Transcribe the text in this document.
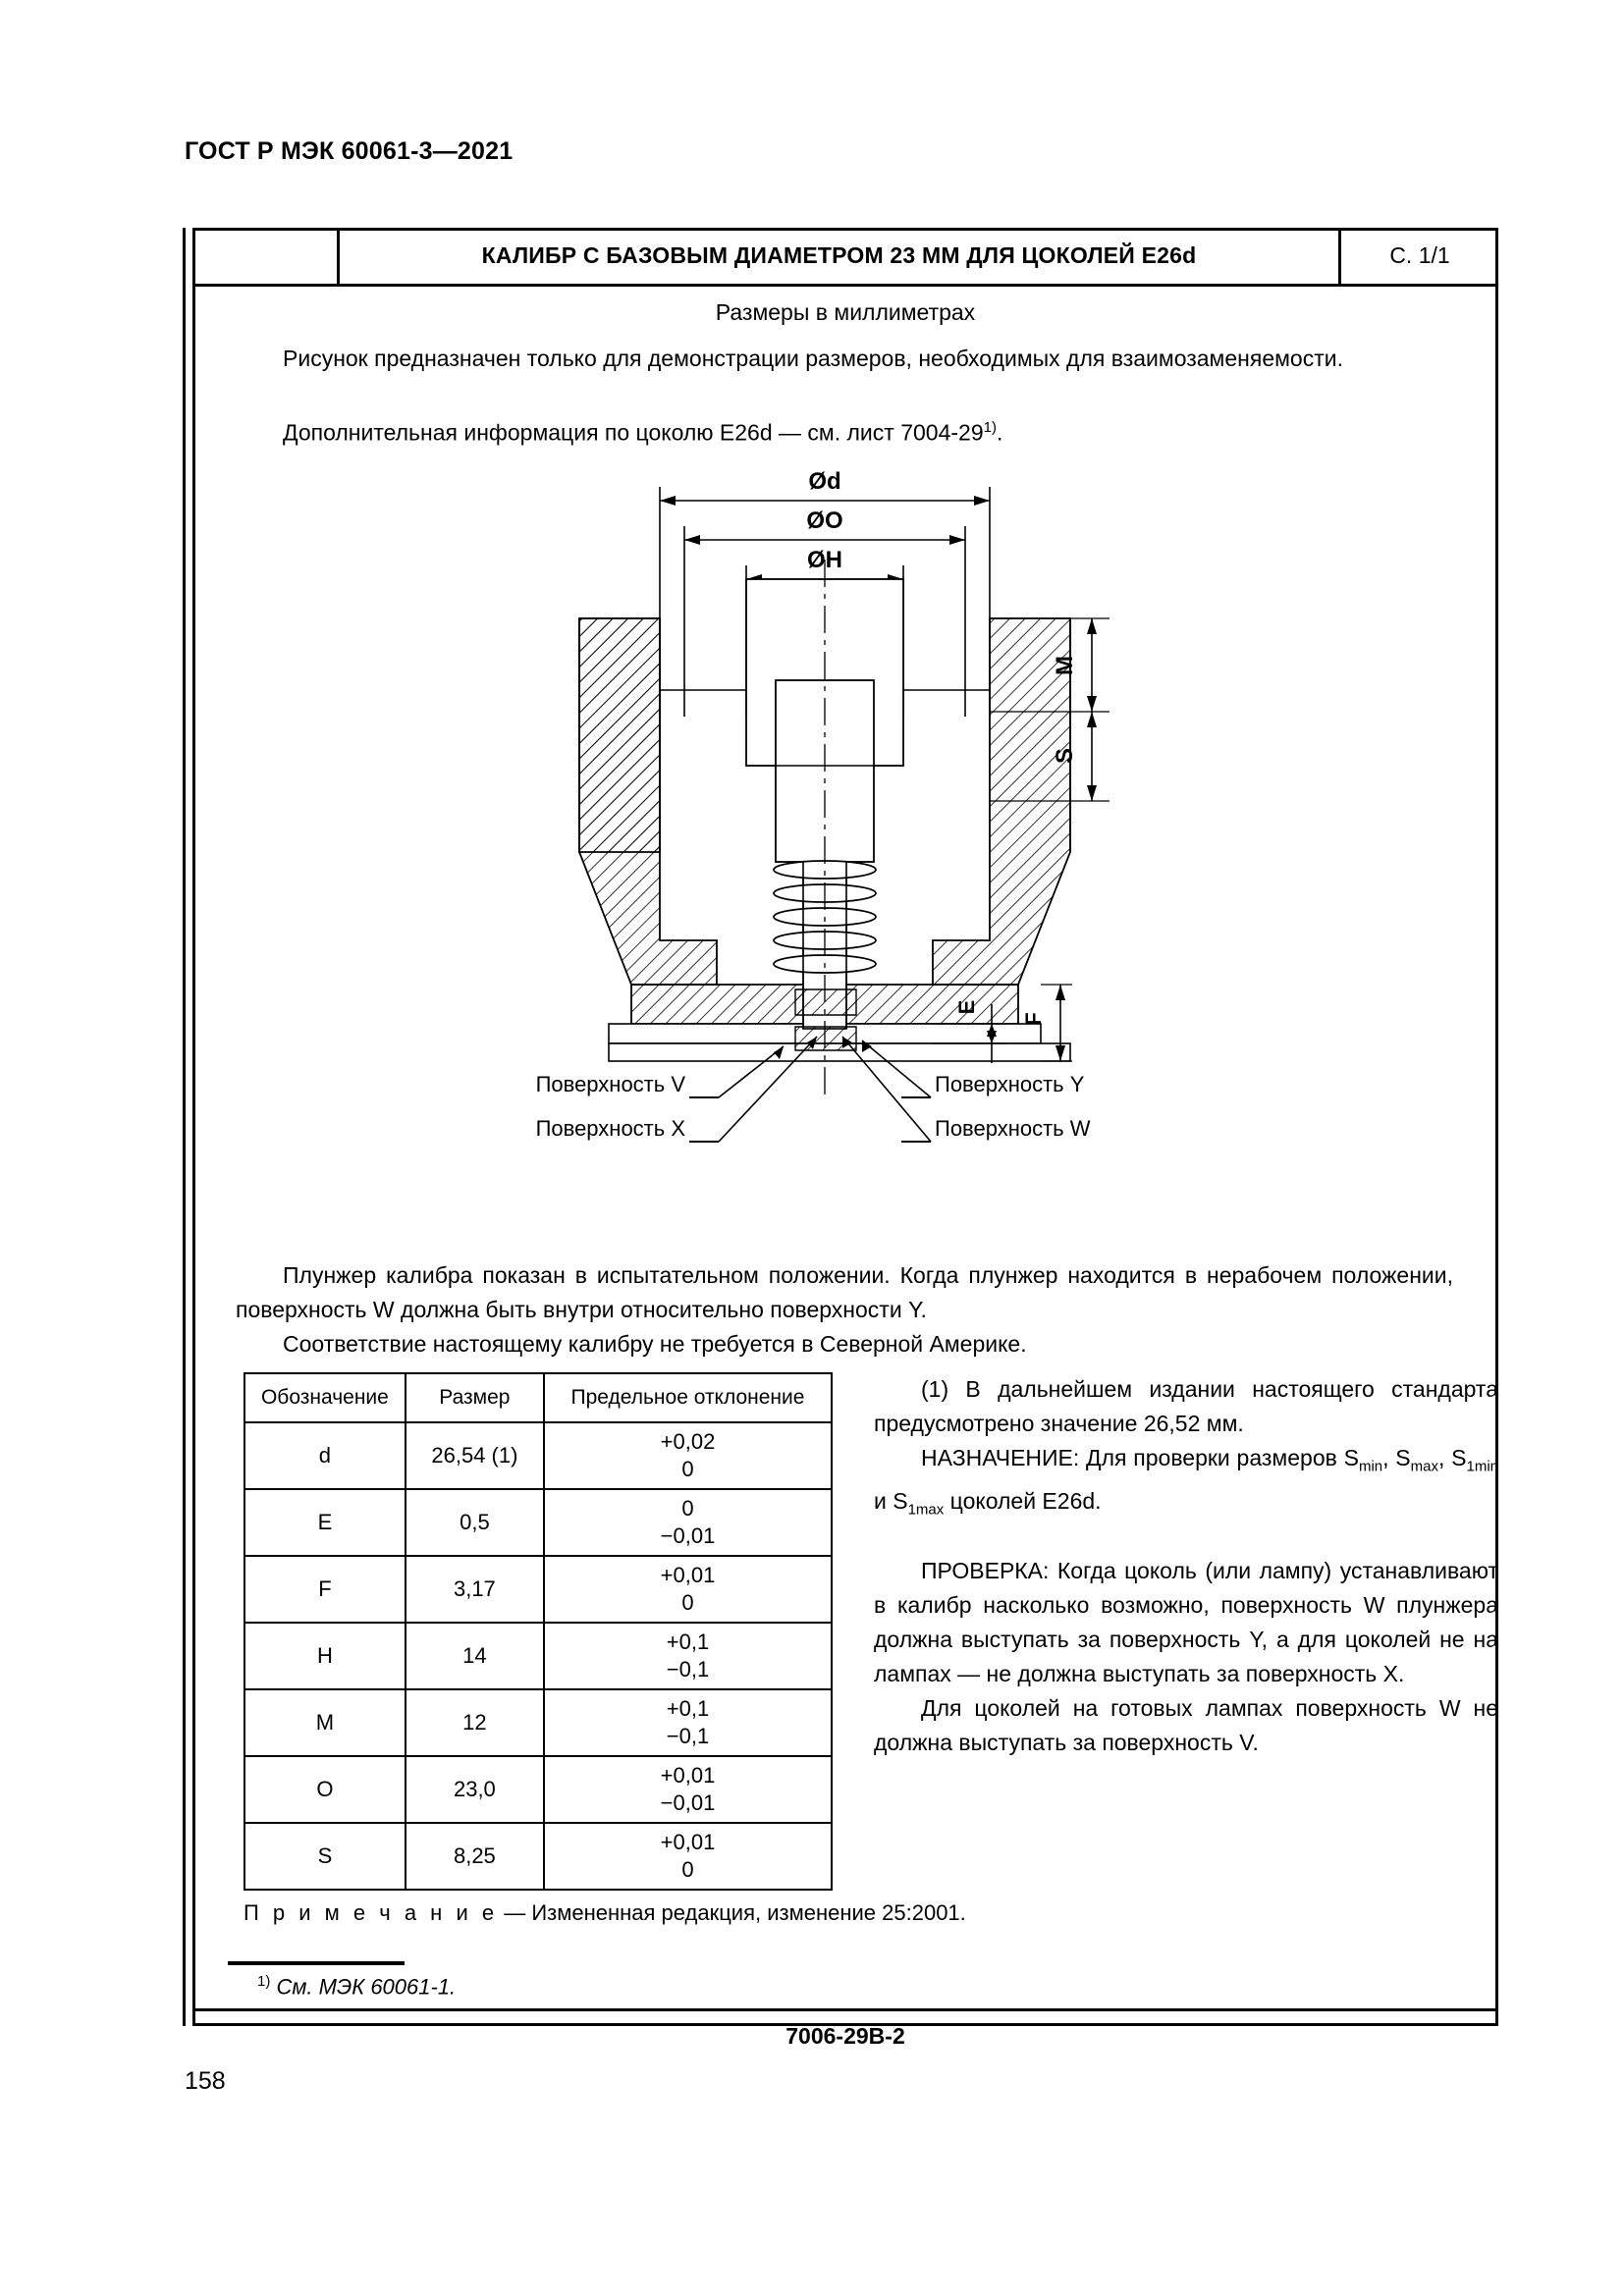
ГОСТ Р МЭК 60061-3—2021
КАЛИБР С БАЗОВЫМ ДИАМЕТРОМ 23 ММ ДЛЯ ЦОКОЛЕЙ E26d	С. 1/1
Размеры в миллиметрах
Рисунок предназначен только для демонстрации размеров, необходимых для взаимозаменяемости.
Дополнительная информация по цоколю E26d — см. лист 7004-29$^{1)}$.
Ød
ØO
ØH
M
S
E
F
Поверхность V
Поверхность X
Поверхность Y
Поверхность W
Плунжер калибра показан в испытательном положении. Когда плунжер находится в нерабочем положении, поверхность W должна быть внутри относительно поверхности Y.
Соответствие настоящему калибру не требуется в Северной Америке.
Обозначение	Размер	Предельное отклонение
d	26,54 (1)	+0,02
0

E	0,5	0
−0,01

F	3,17	+0,01
0

H	14	+0,1
−0,1

M	12	+0,1
−0,1

O	23,0	+0,01
−0,01

S	8,25	+0,01
0

(1) В дальнейшем издании настоящего стандарта предусмотрено значение 26,52 мм.

НАЗНАЧЕНИЕ: Для проверки размеров $S_{min}$, $S_{max}$, $S_{1min}$ и $S_{1max}$ цоколей E26d.

ПРОВЕРКА: Когда цоколь (или лампу) устанавливают в калибр насколько возможно, поверхность W плунжера должна выступать за поверхность Y, а для цоколей не на лампах — не должна выступать за поверхность X.

Для цоколей на готовых лампах поверхность W не должна выступать за поверхность V.

П р и м е ч а н и е — Измененная редакция, изменение 25:2001.
$^{1)}$ См. МЭК 60061-1.
7006-29В-2
158
